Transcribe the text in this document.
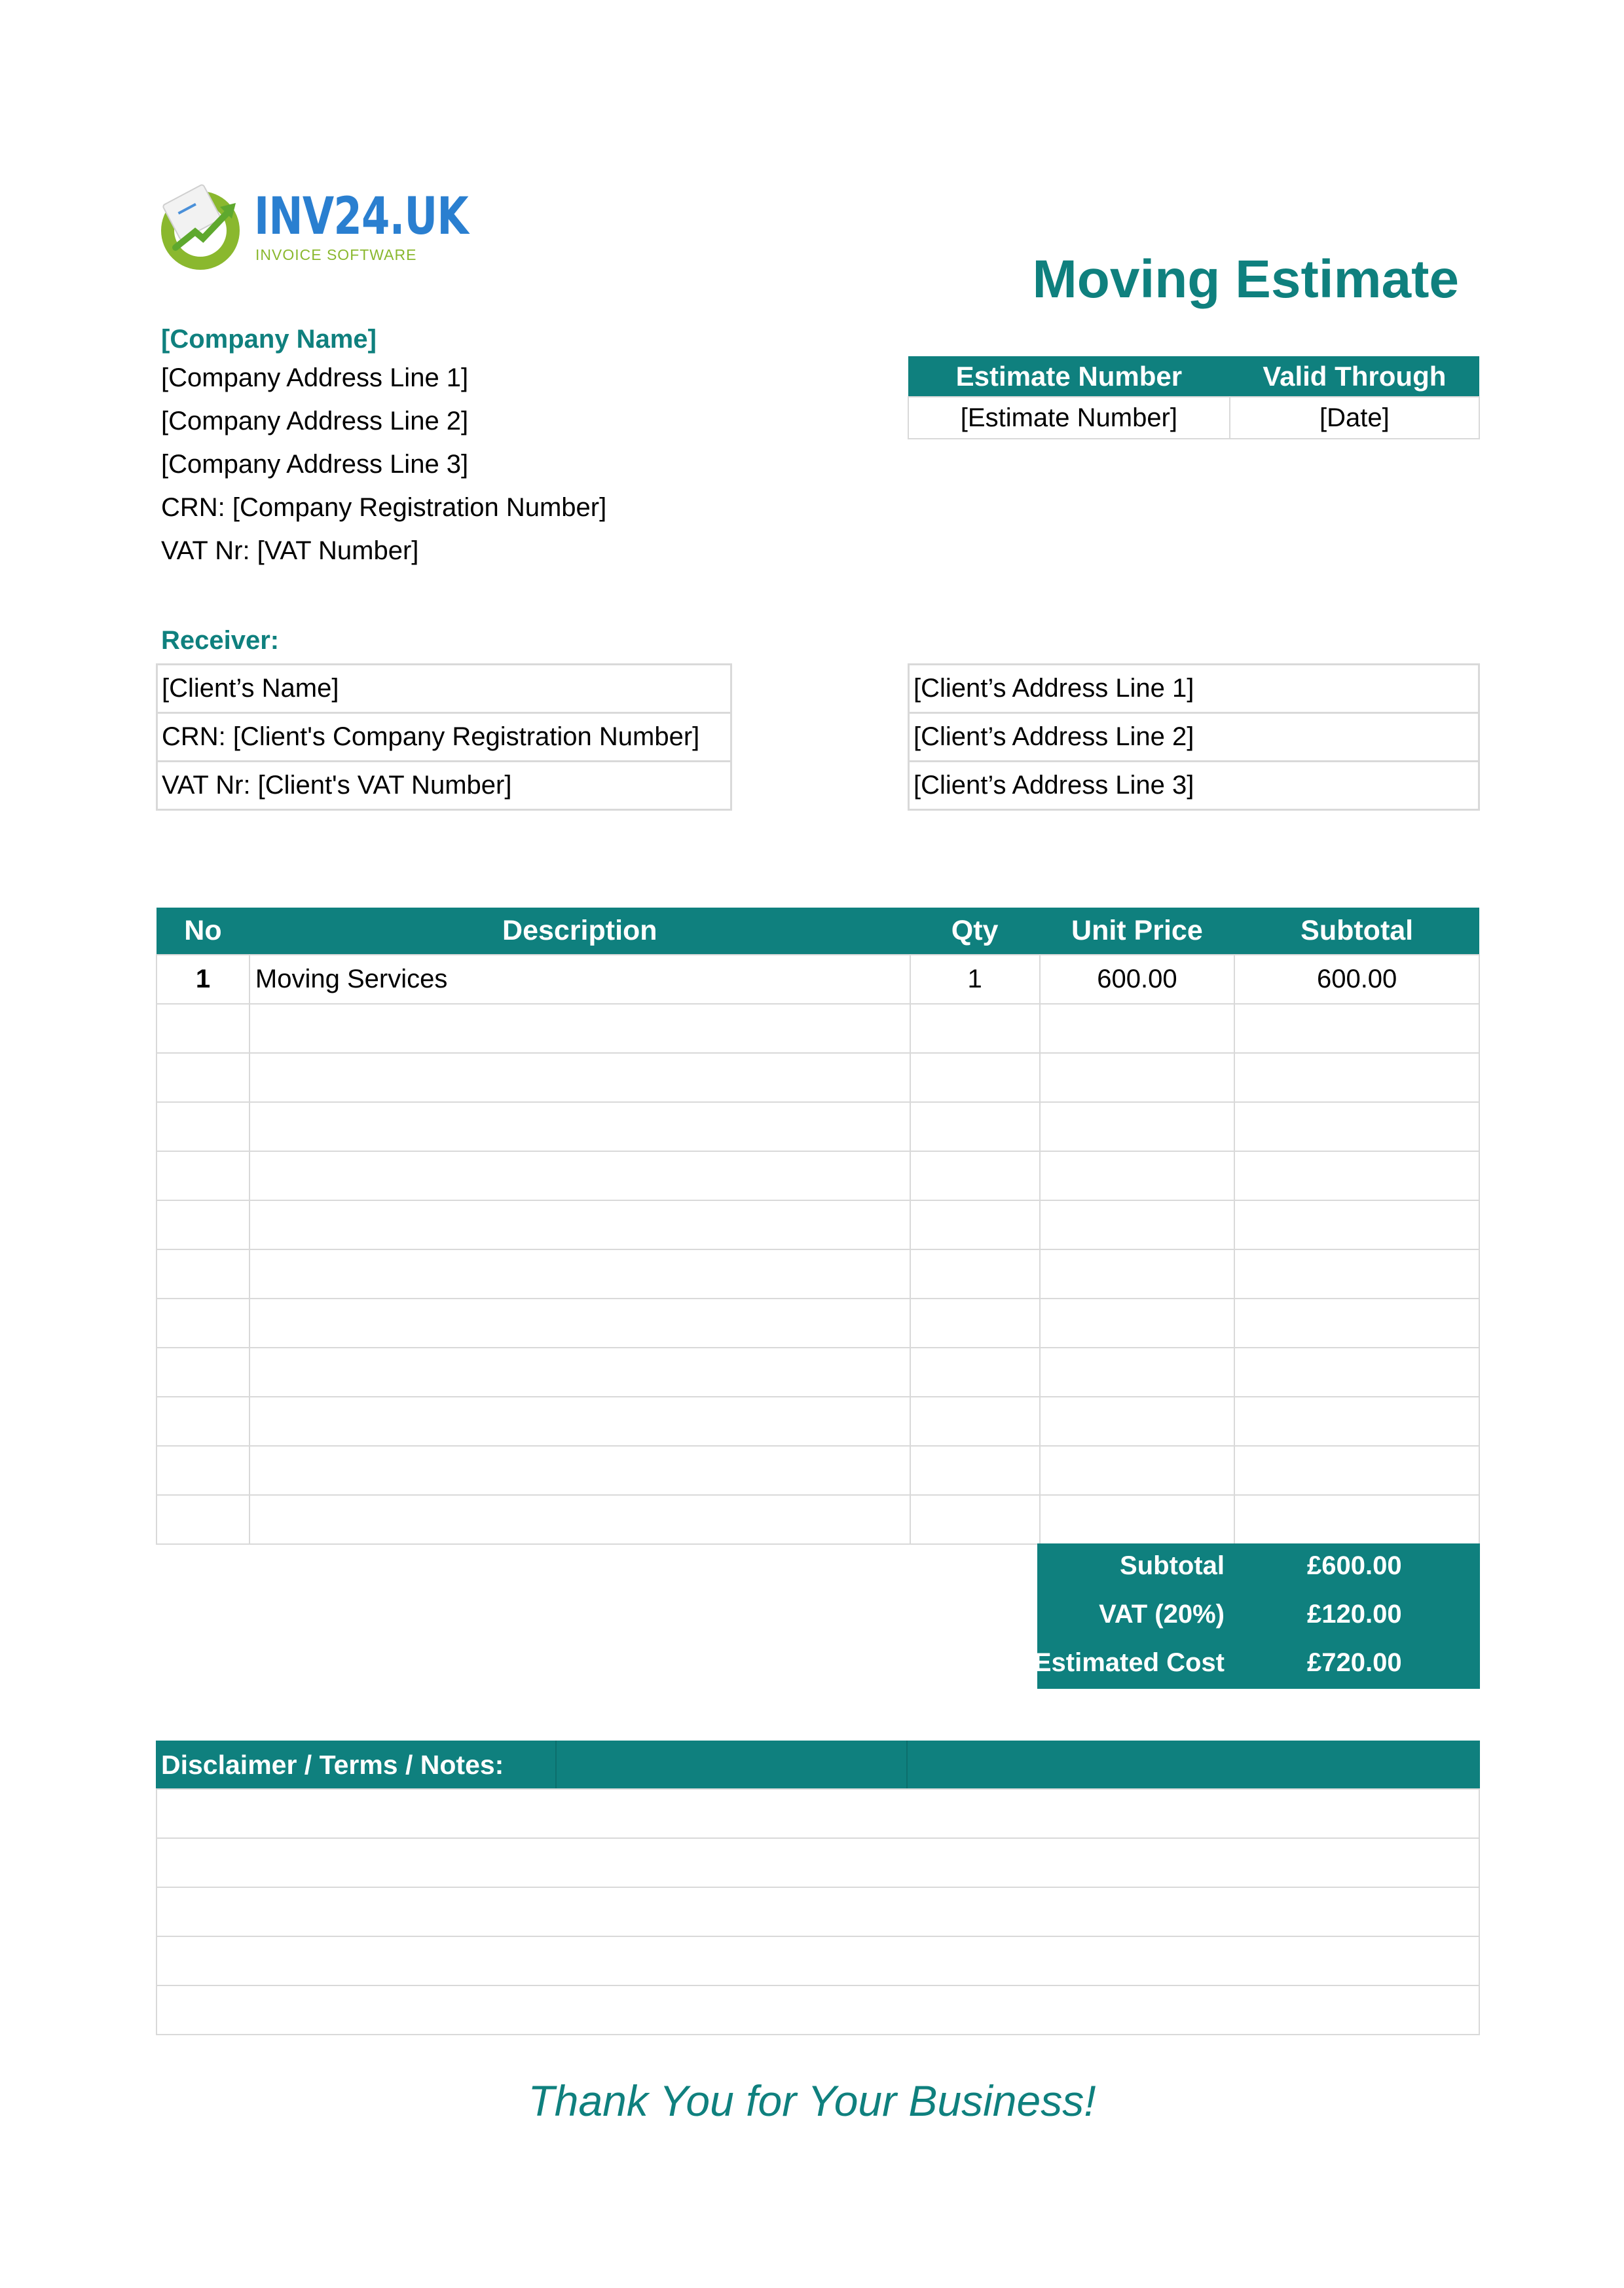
INV24.UK
INVOICE SOFTWARE	Moving Estimate
[Company Name]
[Company Address Line 1]
[Company Address Line 2]
[Company Address Line 3]
CRN: [Company Registration Number]
VAT Nr: [VAT Number]
Estimate Number	Valid Through
[Estimate Number]	[Date]
Receiver:
[Client’s Name]
CRN: [Client's Company Registration Number]
VAT Nr: [Client's VAT Number]
[Client’s Address Line 1]
[Client’s Address Line 2]
[Client’s Address Line 3]
No	Description	Qty	Unit Price	Subtotal
1	Moving Services	1	600.00	600.00

Subtotal	£600.00
VAT (20%)	£120.00
Estimated Cost	£720.00
Disclaimer / Terms / Notes:

Thank You for Your Business!
